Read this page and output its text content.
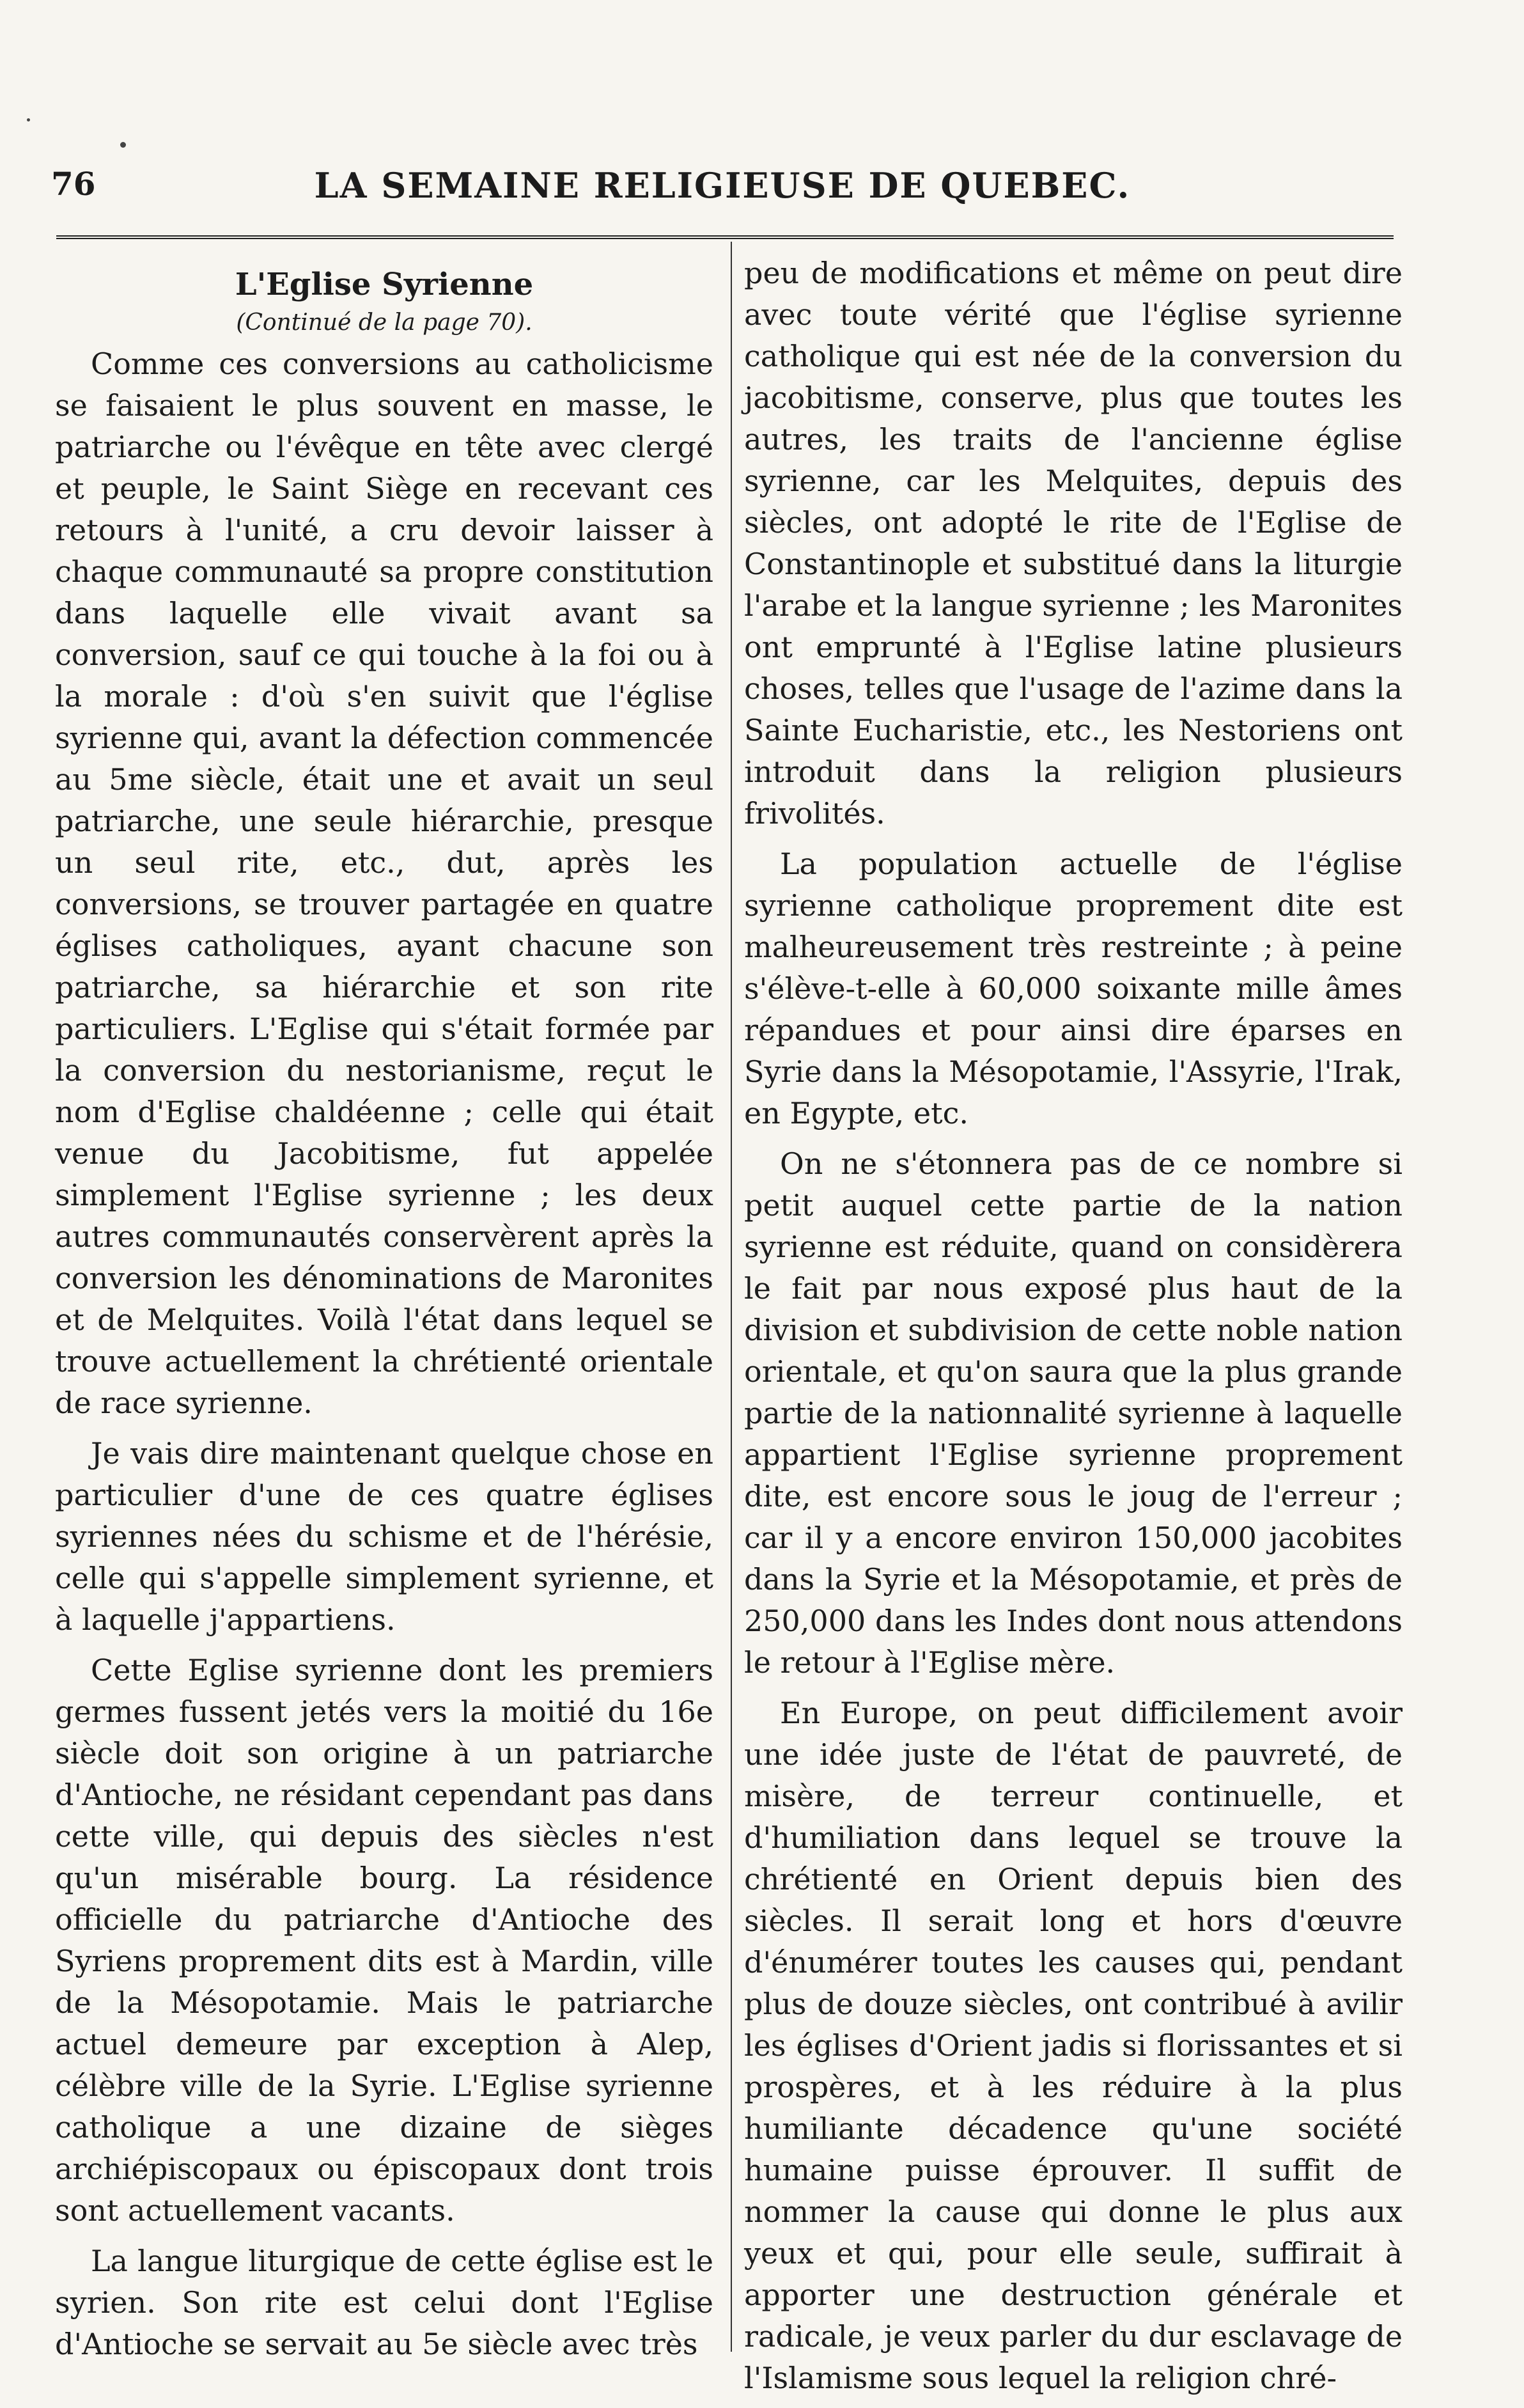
76	LA SEMAINE RELIGIEUSE DE QUEBEC.
L'Eglise Syrienne
(Continué de la page 70).

Comme ces conversions au catholicisme se faisaient le plus souvent en masse, le patriarche ou l'évêque en tête avec clergé et peuple, le Saint Siège en recevant ces retours à l'unité, a cru devoir laisser à chaque communauté sa propre constitution dans laquelle elle vivait avant sa conversion, sauf ce qui touche à la foi ou à la morale : d'où s'en suivit que l'église syrienne qui, avant la défection commencée au 5me siècle, était une et avait un seul patriarche, une seule hiérarchie, presque un seul rite, etc., dut, après les conversions, se trouver partagée en quatre églises catholiques, ayant chacune son patriarche, sa hiérarchie et son rite particuliers. L'Eglise qui s'était formée par la conversion du nestorianisme, reçut le nom d'Eglise chaldéenne ; celle qui était venue du Jacobitisme, fut appelée simplement l'Eglise syrienne ; les deux autres communautés conservèrent après la conversion les dénominations de Maronites et de Melquites. Voilà l'état dans lequel se trouve actuellement la chrétienté orientale de race syrienne.

Je vais dire maintenant quelque chose en particulier d'une de ces quatre églises syriennes nées du schisme et de l'hérésie, celle qui s'appelle simplement syrienne, et à laquelle j'appartiens.

Cette Eglise syrienne dont les premiers germes fussent jetés vers la moitié du 16e siècle doit son origine à un patriarche d'Antioche, ne résidant cependant pas dans cette ville, qui depuis des siècles n'est qu'un misérable bourg. La résidence officielle du patriarche d'Antioche des Syriens proprement dits est à Mardin, ville de la Mésopotamie. Mais le patriarche actuel demeure par exception à Alep, célèbre ville de la Syrie. L'Eglise syrienne catholique a une dizaine de sièges archiépiscopaux ou épiscopaux dont trois sont actuellement vacants.

La langue liturgique de cette église est le syrien. Son rite est celui dont l'Eglise d'Antioche se servait au 5e siècle avec très

peu de modifications et même on peut dire avec toute vérité que l'église syrienne catholique qui est née de la conversion du jacobitisme, conserve, plus que toutes les autres, les traits de l'ancienne église syrienne, car les Melquites, depuis des siècles, ont adopté le rite de l'Eglise de Constantinople et substitué dans la liturgie l'arabe et la langue syrienne ; les Maronites ont emprunté à l'Eglise latine plusieurs choses, telles que l'usage de l'azime dans la Sainte Eucharistie, etc., les Nestoriens ont introduit dans la religion plusieurs frivolités.

La population actuelle de l'église syrienne catholique proprement dite est malheureusement très restreinte ; à peine s'élève-t-elle à 60,000 soixante mille âmes répandues et pour ainsi dire éparses en Syrie dans la Mésopotamie, l'Assyrie, l'Irak, en Egypte, etc.

On ne s'étonnera pas de ce nombre si petit auquel cette partie de la nation syrienne est réduite, quand on considèrera le fait par nous exposé plus haut de la division et subdivision de cette noble nation orientale, et qu'on saura que la plus grande partie de la nationnalité syrienne à laquelle appartient l'Eglise syrienne proprement dite, est encore sous le joug de l'erreur ; car il y a encore environ 150,000 jacobites dans la Syrie et la Mésopotamie, et près de 250,000 dans les Indes dont nous attendons le retour à l'Eglise mère.

En Europe, on peut difficilement avoir une idée juste de l'état de pauvreté, de misère, de terreur continuelle, et d'humiliation dans lequel se trouve la chrétienté en Orient depuis bien des siècles. Il serait long et hors d'œuvre d'énumérer toutes les causes qui, pendant plus de douze siècles, ont contribué à avilir les églises d'Orient jadis si florissantes et si prospères, et à les réduire à la plus humiliante décadence qu'une société humaine puisse éprouver. Il suffit de nommer la cause qui donne le plus aux yeux et qui, pour elle seule, suffirait à apporter une destruction générale et radicale, je veux parler du dur esclavage de l'Islamisme sous lequel la religion chré-
